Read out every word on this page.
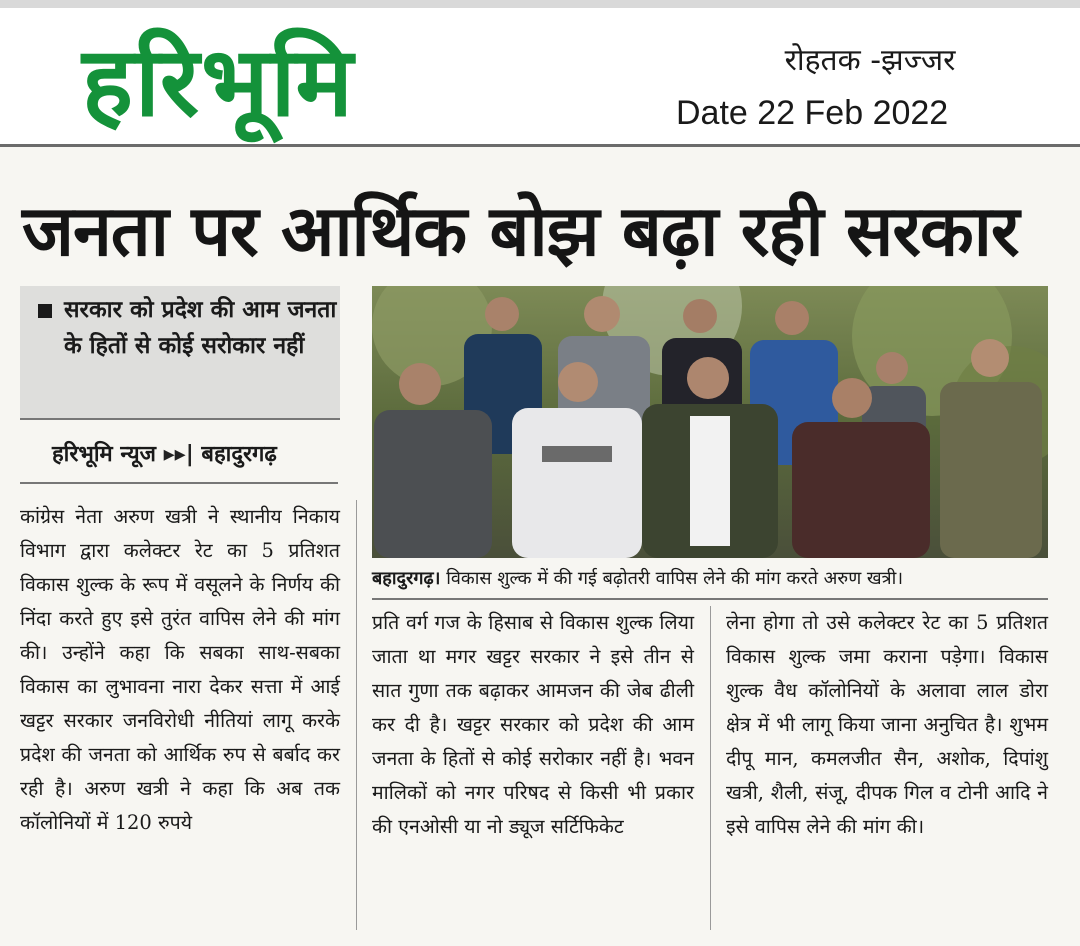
हरिभूमि	रोहतक -झज्जर
Date 22 Feb 2022
जनता पर आर्थिक बोझ बढ़ा रही सरकार
सरकार को प्रदेश की आम जनता के हितों से कोई सरोकार नहीं
हरिभूमि न्यूज ▸▸| बहादुरगढ़
बहादुरगढ़। विकास शुल्क में की गई बढ़ोतरी वापिस लेने की मांग करते अरुण खत्री।
कांग्रेस नेता अरुण खत्री ने स्थानीय निकाय विभाग द्वारा कलेक्टर रेट का 5 प्रतिशत विकास शुल्क के रूप में वसूलने के निर्णय की निंदा करते हुए इसे तुरंत वापिस लेने की मांग की। उन्होंने कहा कि सबका साथ-सबका विकास का लुभावना नारा देकर सत्ता में आई खट्टर सरकार जनविरोधी नीतियां लागू करके प्रदेश की जनता को आर्थिक रुप से बर्बाद कर रही है। अरुण खत्री ने कहा कि अब तक कॉलोनियों में 120 रुपये
प्रति वर्ग गज के हिसाब से विकास शुल्क लिया जाता था मगर खट्टर सरकार ने इसे तीन से सात गुणा तक बढ़ाकर आमजन की जेब ढीली कर दी है। खट्टर सरकार को प्रदेश की आम जनता के हितों से कोई सरोकार नहीं है। भवन मालिकों को नगर परिषद से किसी भी प्रकार की एनओसी या नो ड्यूज सर्टिफिकेट
लेना होगा तो उसे कलेक्टर रेट का 5 प्रतिशत विकास शुल्क जमा कराना पड़ेगा। विकास शुल्क वैध कॉलोनियों के अलावा लाल डोरा क्षेत्र में भी लागू किया जाना अनुचित है। शुभम दीपू मान, कमलजीत सैन, अशोक, दिपांशु खत्री, शैली, संजू, दीपक गिल व टोनी आदि ने इसे वापिस लेने की मांग की।
